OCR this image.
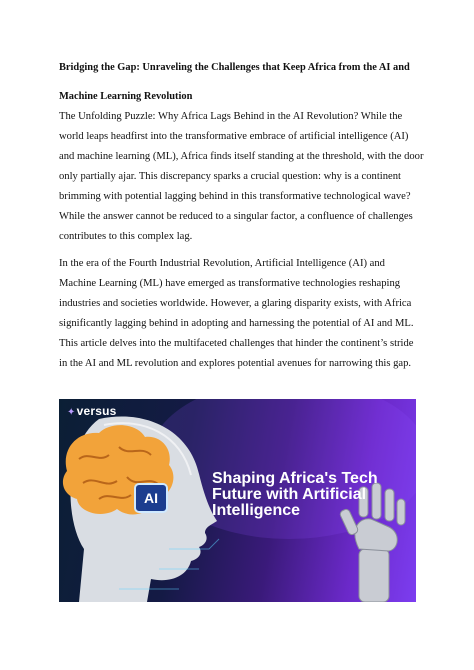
Bridging the Gap: Unraveling the Challenges that Keep Africa from the AI and Machine Learning Revolution
The Unfolding Puzzle: Why Africa Lags Behind in the AI Revolution? While the world leaps headfirst into the transformative embrace of artificial intelligence (AI) and machine learning (ML), Africa finds itself standing at the threshold, with the door only partially ajar. This discrepancy sparks a crucial question: why is a continent brimming with potential lagging behind in this transformative technological wave? While the answer cannot be reduced to a singular factor, a confluence of challenges contributes to this complex lag.
In the era of the Fourth Industrial Revolution, Artificial Intelligence (AI) and Machine Learning (ML) have emerged as transformative technologies reshaping industries and societies worldwide. However, a glaring disparity exists, with Africa significantly lagging behind in adopting and harnessing the potential of AI and ML. This article delves into the multifaceted challenges that hinder the continent’s stride in the AI and ML revolution and explores potential avenues for narrowing this gap.
✦versus
AI
Shaping Africa's Tech Future with Artificial Intelligence
